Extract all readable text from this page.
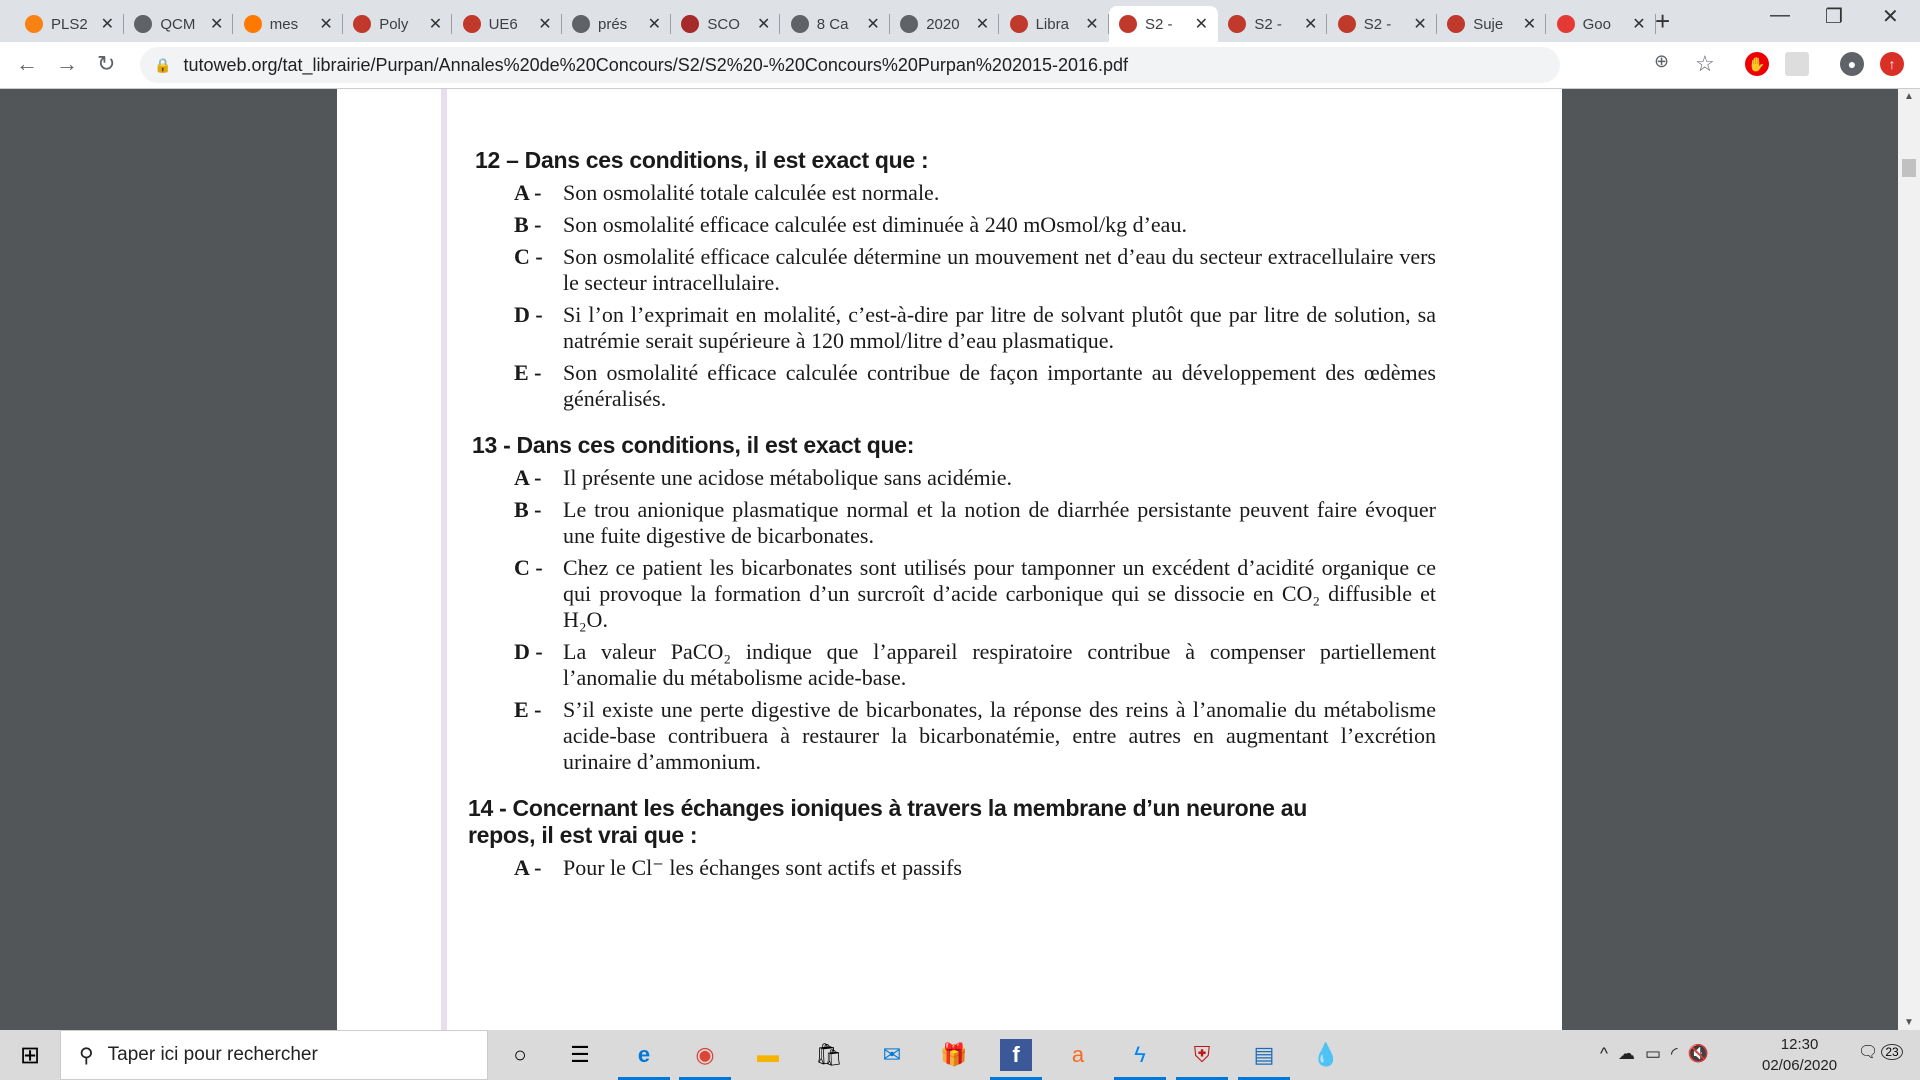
PLS2 ✕	QCM ✕	mes	✕	Poly	✕	UE6	✕	prés	✕	SCO	✕	8 Ca	✕	2020	✕	Libra	✕	S2 -	✕	S2 -	✕	S2 -	✕	Suje	✕	Goo	✕ +	— ❐ ✕
← → ↻	🔒 tutoweb.org/tat_librairie/Purpan/Annales%20de%20Concours/S2/S2%20-%20Concours%20Purpan%202015-2016.pdf	⊕ ☆ ✋	●	↑
12 – Dans ces conditions, il est exact que :
A - Son osmolalité totale calculée est normale.
B - Son osmolalité efficace calculée est diminuée à 240 mOsmol/kg d’eau.
C - Son osmolalité efficace calculée détermine un mouvement net d’eau du secteur extracellulaire vers le secteur intracellulaire.
D - Si l’on l’exprimait en molalité, c’est-à-dire par litre de solvant plutôt que par litre de solution, sa natrémie serait supérieure à 120 mmol/litre d’eau plasmatique.
E - Son osmolalité efficace calculée contribue de façon importante au développement des œdèmes généralisés.
13 - Dans ces conditions, il est exact que:
A - Il présente une acidose métabolique sans acidémie.
B - Le trou anionique plasmatique normal et la notion de diarrhée persistante peuvent faire évoquer une fuite digestive de bicarbonates.
C - Chez ce patient les bicarbonates sont utilisés pour tamponner un excédent d’acidité organique ce qui provoque la formation d’un surcroît d’acide carbonique qui se dissocie en CO₂ diffusible et H₂O.
D - La valeur PaCO₂ indique que l’appareil respiratoire contribue à compenser partiellement l’anomalie du métabolisme acide-base.
E - S’il existe une perte digestive de bicarbonates, la réponse des reins à l’anomalie du métabolisme acide-base contribuera à restaurer la bicarbonatémie, entre autres en augmentant l’excrétion urinaire d’ammonium.
14 - Concernant les échanges ioniques à travers la membrane d’un neurone au
repos, il est vrai que :
A - Pour le Cl⁻ les échanges sont actifs et passifs
▲
▼
⊞ ⚲ Taper ici pour rechercher	○	☰	e	◉ ▬ 🛍	✉	🎁	f	a	ϟ	⛨	▤ 💧	^ ☁ ▭ ◜ 🔇	12:30
02/06/2020
🗨 23
